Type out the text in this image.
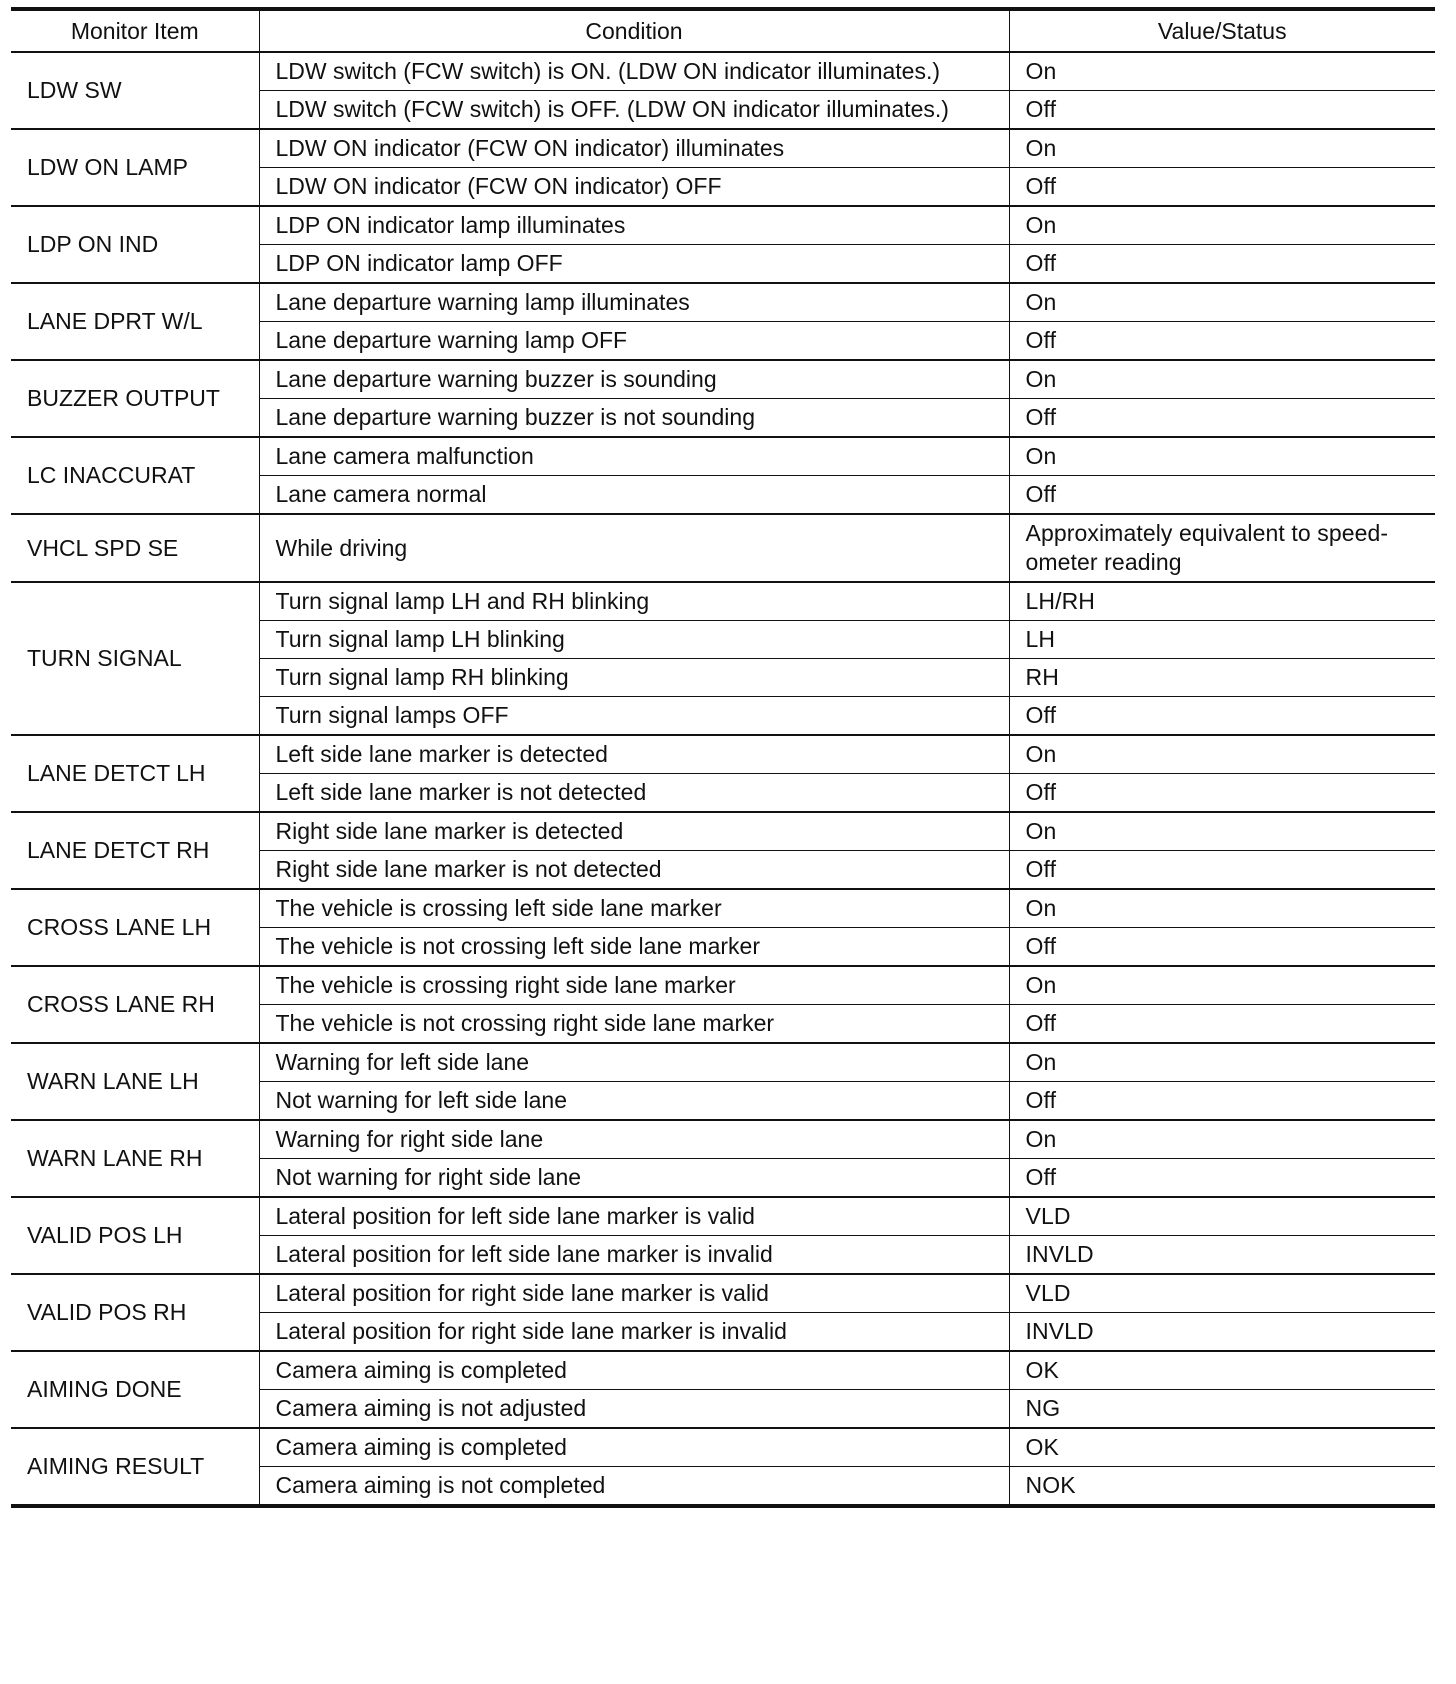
Monitor Item	Condition	Value/Status
LDW SW	LDW switch (FCW switch) is ON. (LDW ON indicator illuminates.)	On
	LDW switch (FCW switch) is OFF. (LDW ON indicator illuminates.)	Off
LDW ON LAMP	LDW ON indicator (FCW ON indicator) illuminates	On
	LDW ON indicator (FCW ON indicator) OFF	Off
LDP ON IND	LDP ON indicator lamp illuminates	On
	LDP ON indicator lamp OFF	Off
LANE DPRT W/L	Lane departure warning lamp illuminates	On
	Lane departure warning lamp OFF	Off
BUZZER OUTPUT	Lane departure warning buzzer is sounding	On
	Lane departure warning buzzer is not sounding	Off
LC INACCURAT	Lane camera malfunction	On
	Lane camera normal	Off
VHCL SPD SE	While driving	Approximately equivalent to speed-ometer reading
TURN SIGNAL	Turn signal lamp LH and RH blinking	LH/RH
	Turn signal lamp LH blinking	LH
	Turn signal lamp RH blinking	RH
	Turn signal lamps OFF	Off
LANE DETCT LH	Left side lane marker is detected	On
	Left side lane marker is not detected	Off
LANE DETCT RH	Right side lane marker is detected	On
	Right side lane marker is not detected	Off
CROSS LANE LH	The vehicle is crossing left side lane marker	On
	The vehicle is not crossing left side lane marker	Off
CROSS LANE RH	The vehicle is crossing right side lane marker	On
	The vehicle is not crossing right side lane marker	Off
WARN LANE LH	Warning for left side lane	On
	Not warning for left side lane	Off
WARN LANE RH	Warning for right side lane	On
	Not warning for right side lane	Off
VALID POS LH	Lateral position for left side lane marker is valid	VLD
	Lateral position for left side lane marker is invalid	INVLD
VALID POS RH	Lateral position for right side lane marker is valid	VLD
	Lateral position for right side lane marker is invalid	INVLD
AIMING DONE	Camera aiming is completed	OK
	Camera aiming is not adjusted	NG
AIMING RESULT	Camera aiming is completed	OK
	Camera aiming is not completed	NOK
